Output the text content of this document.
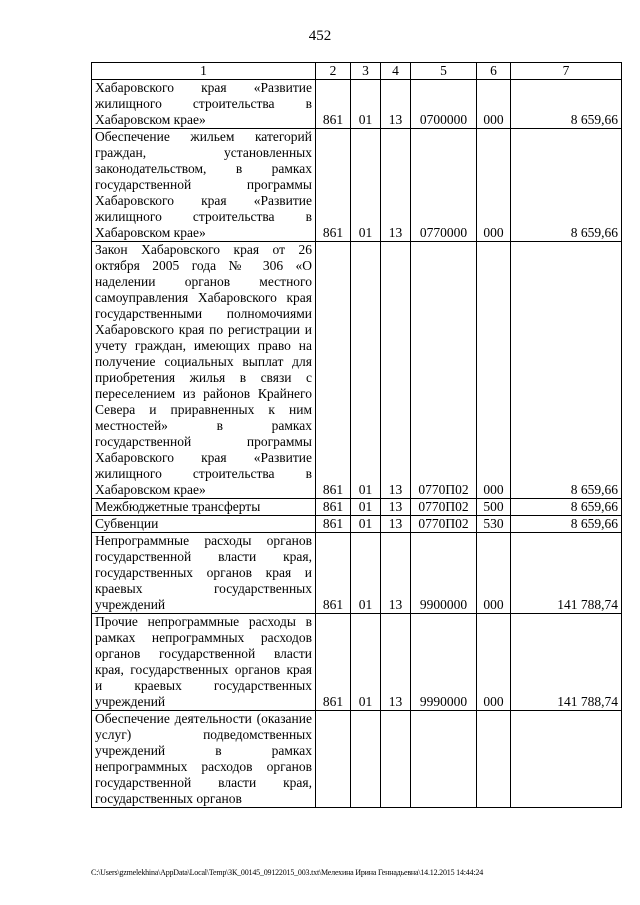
452
1	2	3	4	5	6	7
Хабаровского края «Развитие жилищного строительства в Хабаровском крае»	861	01	13	0700000	000	8 659,66
Обеспечение жильем категорий граждан, установленных законодательством, в рамках государственной программы Хабаровского края «Развитие жилищного строительства в Хабаровском крае»	861	01	13	0770000	000	8 659,66
Закон Хабаровского края от 26 октября 2005 года № 306 «О наделении органов местного самоуправления Хабаровского края государственными полномочиями Хабаровского края по регистрации и учету граждан, имеющих право на получение социальных выплат для приобретения жилья в связи с переселением из районов Крайнего Севера и приравненных к ним местностей» в рамках государственной программы Хабаровского края «Развитие жилищного строительства в Хабаровском крае»	861	01	13	0770П02	000	8 659,66
Межбюджетные трансферты	861	01	13	0770П02	500	8 659,66
Субвенции	861	01	13	0770П02	530	8 659,66
Непрограммные расходы органов государственной власти края, государственных органов края и краевых государственных учреждений	861	01	13	9900000	000	141 788,74
Прочие непрограммные расходы в рамках непрограммных расходов органов государственной власти края, государственных органов края и краевых государственных учреждений	861	01	13	9990000	000	141 788,74
Обеспечение деятельности (оказание услуг) подведомственных учреждений в рамках непрограммных расходов органов государственной власти края, государственных органов						
C:\Users\gzmelekhina\AppData\Local\Temp\ЗК_00145_09122015_003.txt\Мелехина Ирина Геннадьевна\14.12.2015 14:44:24
